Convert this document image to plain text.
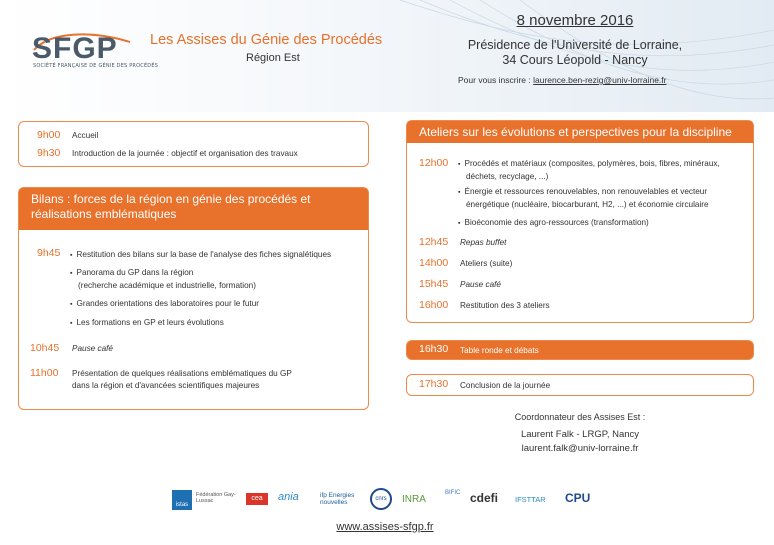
SFGP
SOCIÉTÉ FRANÇAISE DE GÉNIE DES PROCÉDÉS
Les Assises du Génie des Procédés
Région Est
8 novembre 2016
Présidence de l'Université de Lorraine,
34 Cours Léopold - Nancy
Pour vous inscrire : laurence.ben-rezig@univ-lorraine.fr
9h00 Accueil
9h30 Introduction de la journée : objectif et organisation des travaux
Bilans : forces de la région en génie des procédés et
réalisations emblématiques
9h45	▪ Restitution des bilans sur la base de l'analyse des fiches signalétiques
▪ Panorama du GP dans la région
(recherche académique et industrielle, formation)
▪ Grandes orientations des laboratoires pour le futur
▪ Les formations en GP et leurs évolutions
10h45 Pause café
11h00 Présentation de quelques réalisations emblématiques du GP
dans la région et d'avancées scientifiques majeures
Ateliers sur les évolutions et perspectives pour la discipline
12h00	▪ Procédés et matériaux (composites, polymères, bois, fibres, minéraux,
déchets, recyclage, ...)
▪ Énergie et ressources renouvelables, non renouvelables et vecteur
énergétique (nucléaire, biocarburant, H2, ...) et économie circulaire
▪ Bioéconomie des agro-ressources (transformation)
12h45 Repas buffet
14h00 Ateliers (suite)
15h45 Pause café
16h00 Restitution des 3 ateliers
16h30 Table ronde et débats
17h30 Conclusion de la journée
Coordonnateur des Assises Est :
Laurent Falk - LRGP, Nancy
laurent.falk@univ-lorraine.fr
istas
Fédération Gay-Lussac	cea	ania	ifp Energies nouvelles	cnrs	INRA
BIFIC cdefi IFSTTAR CPU
www.assises-sfgp.fr
